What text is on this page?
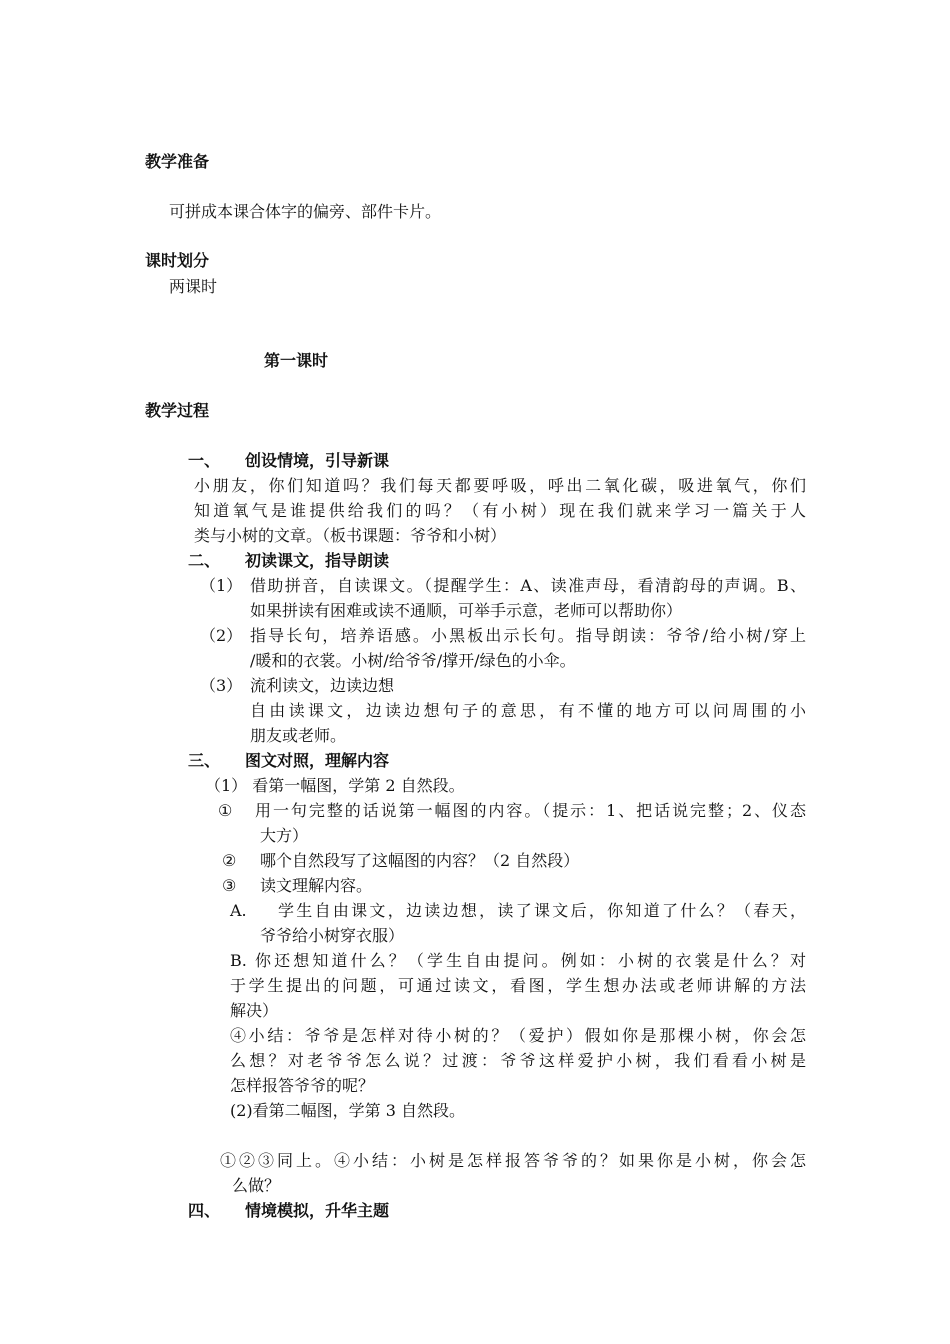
教学准备
可拼成本课合体字的偏旁、部件卡片。
课时划分
两课时
第一课时
教学过程
一、 创设情境，引导新课
小朋友，你们知道吗？我们每天都要呼吸，呼出二氧化碳，吸进氧气，你们
知道氧气是谁提供给我们的吗？（有小树）现在我们就来学习一篇关于人
类与小树的文章。（板书课题：爷爷和小树）
二、 初读课文，指导朗读
（1） 借助拼音，自读课文。（提醒学生：A、读准声母，看清韵母的声调。B、
如果拼读有困难或读不通顺，可举手示意，老师可以帮助你）
（2） 指导长句，培养语感。小黑板出示长句。指导朗读：爷爷/给小树/穿上
/暖和的衣裳。小树/给爷爷/撑开/绿色的小伞。
（3） 流利读文，边读边想
自由读课文，边读边想句子的意思，有不懂的地方可以问周围的小
朋友或老师。
三、 图文对照，理解内容
（1） 看第一幅图，学第 2 自然段。
① 用一句完整的话说第一幅图的内容。（提示：1、把话说完整；2、仪态
大方）
② 哪个自然段写了这幅图的内容？（2 自然段）
③ 读文理解内容。
A. 学生自由课文，边读边想，读了课文后，你知道了什么？（春天，
爷爷给小树穿衣服）
B. 你还想知道什么？（学生自由提问。例如：小树的衣裳是什么？对
于学生提出的问题，可通过读文，看图，学生想办法或老师讲解的方法
解决）
④小结：爷爷是怎样对待小树的？（爱护）假如你是那棵小树，你会怎
么想？对老爷爷怎么说？过渡：爷爷这样爱护小树，我们看看小树是
怎样报答爷爷的呢？
(2)看第二幅图，学第 3 自然段。
①②③同上。④小结：小树是怎样报答爷爷的？如果你是小树，你会怎
么做？
四、 情境模拟，升华主题
